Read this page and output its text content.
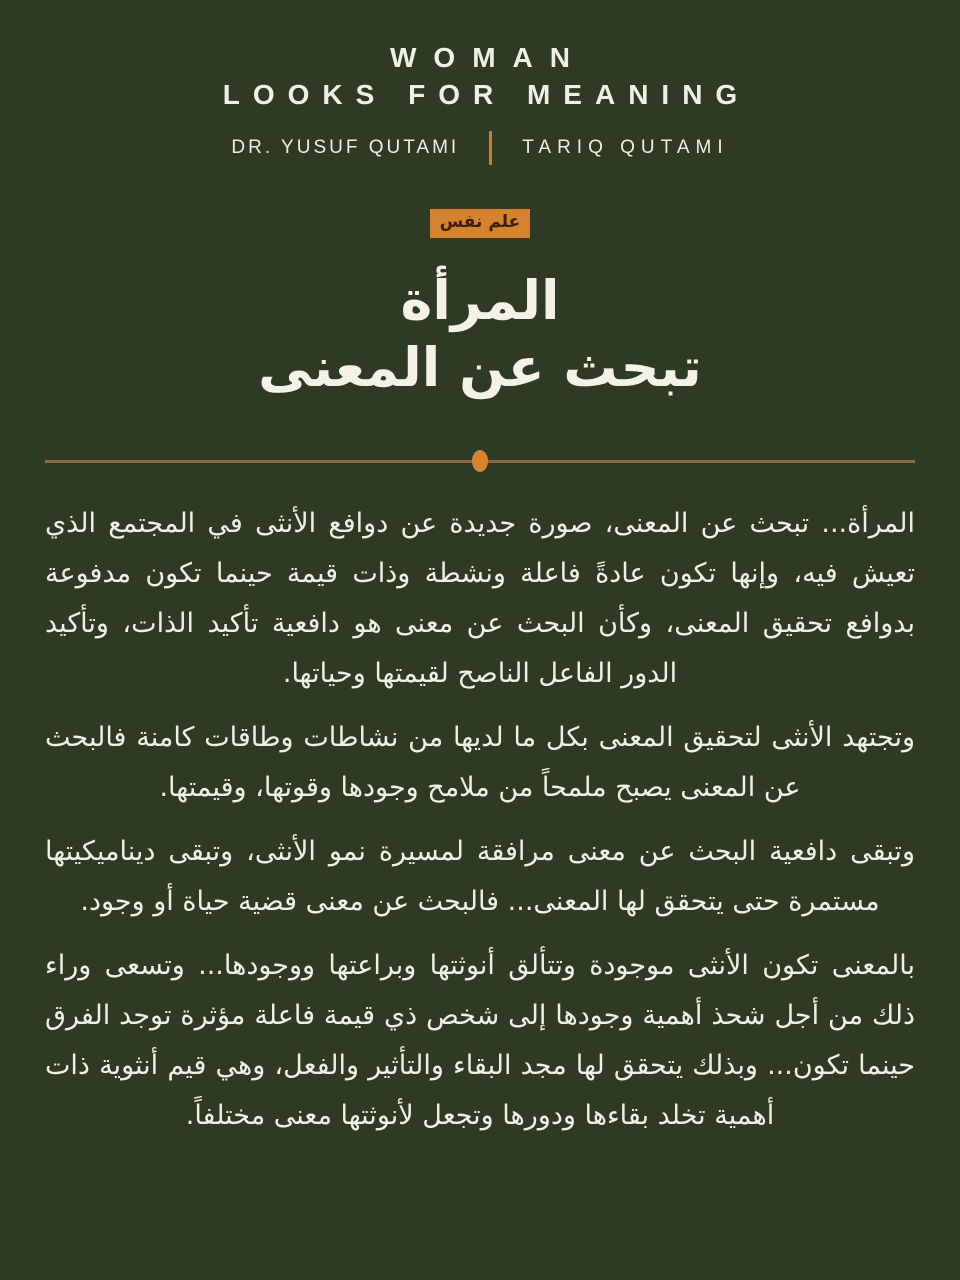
WOMAN
LOOKS FOR MEANING
DR. YUSUF QUTAMI	TARIQ QUTAMI
علم نفس
المرأة
تبحث عن المعنى

المرأة... تبحث عن المعنى، صورة جديدة عن دوافع الأنثى في المجتمع الذي تعيش فيه، وإنها تكون عادةً فاعلة ونشطة وذات قيمة حينما تكون مدفوعة بدوافع تحقيق المعنى، وكأن البحث عن معنى هو دافعية تأكيد الذات، وتأكيد الدور الفاعل الناصح لقيمتها وحياتها.

وتجتهد الأنثى لتحقيق المعنى بكل ما لديها من نشاطات وطاقات كامنة فالبحث عن المعنى يصبح ملمحاً من ملامح وجودها وقوتها، وقيمتها.

وتبقى دافعية البحث عن معنى مرافقة لمسيرة نمو الأنثى، وتبقى ديناميكيتها مستمرة حتى يتحقق لها المعنى... فالبحث عن معنى قضية حياة أو وجود.

بالمعنى تكون الأنثى موجودة وتتألق أنوثتها وبراعتها ووجودها... وتسعى وراء ذلك من أجل شحذ أهمية وجودها إلى شخص ذي قيمة فاعلة مؤثرة توجد الفرق حينما تكون... وبذلك يتحقق لها مجد البقاء والتأثير والفعل، وهي قيم أنثوية ذات أهمية تخلد بقاءها ودورها وتجعل لأنوثتها معنى مختلفاً.
